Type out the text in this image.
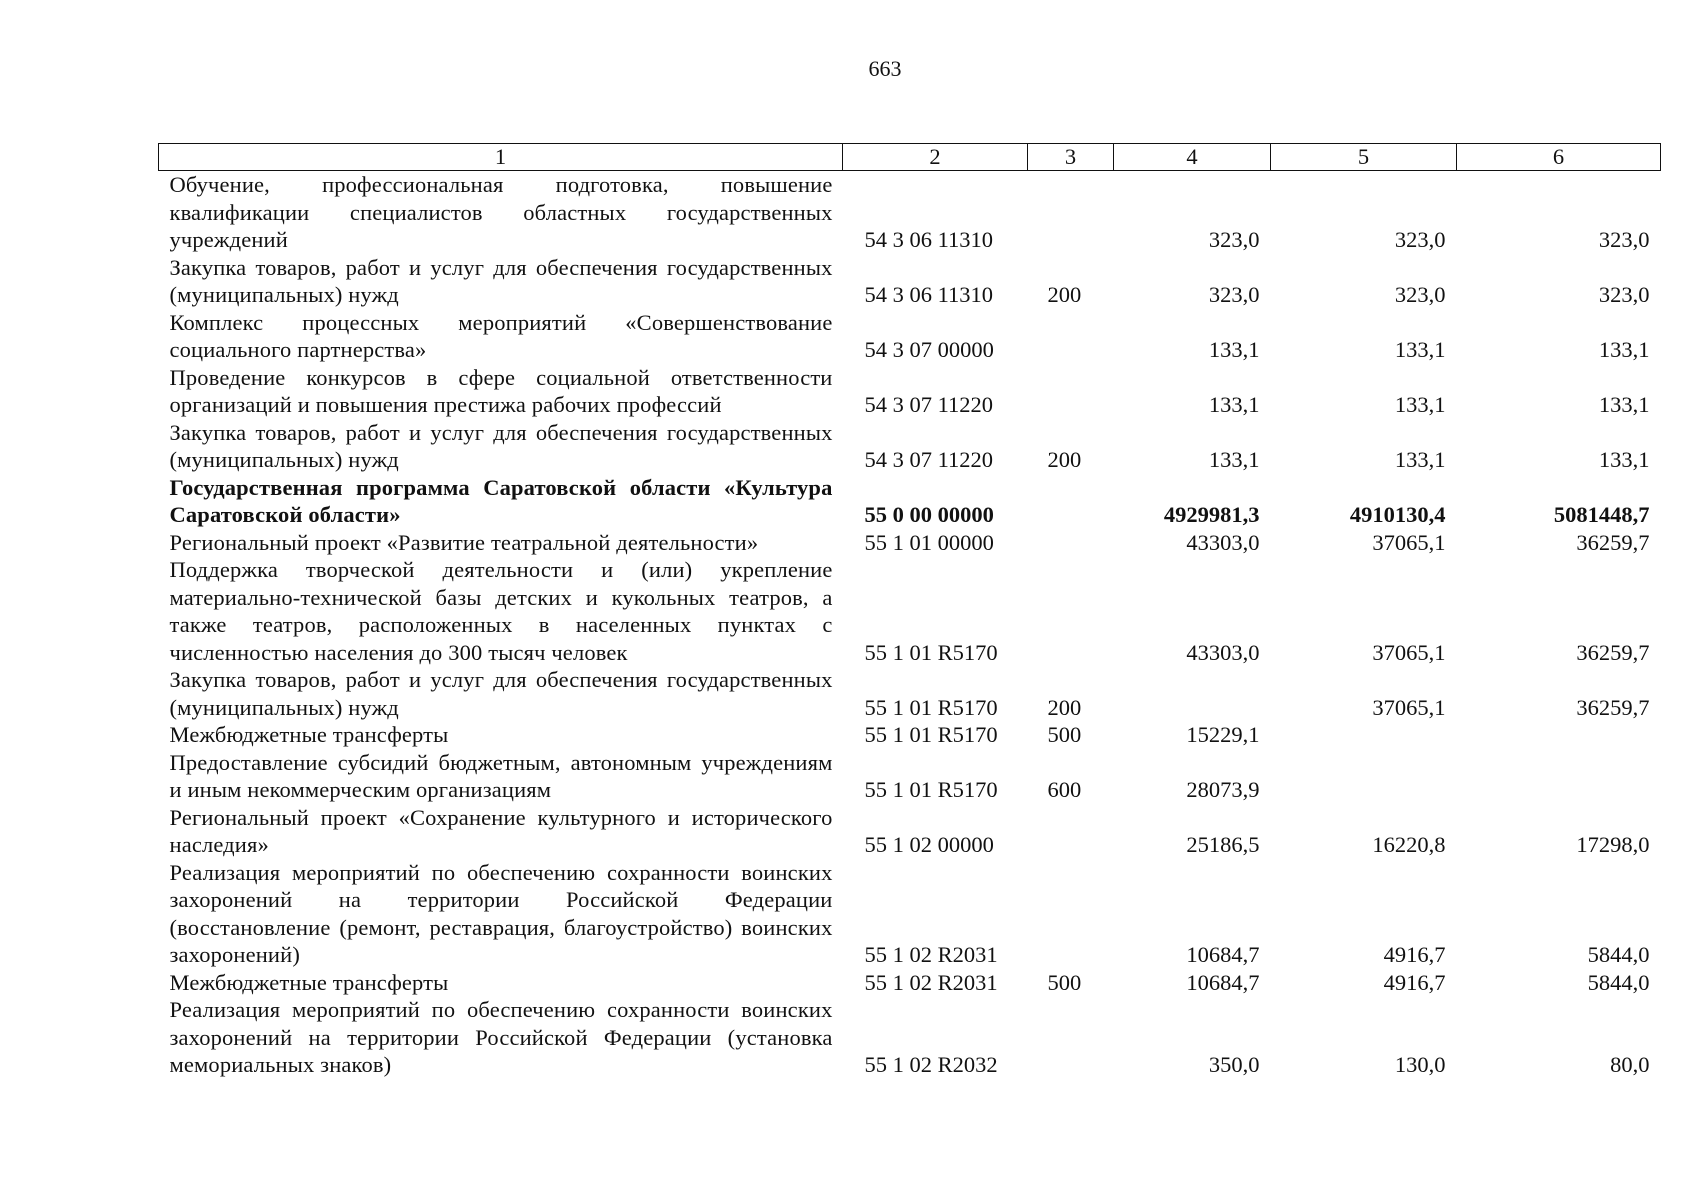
663
1	2	3	4	5	6
Обучение, профессиональная подготовка, повышение квалификации специалистов областных государственных учреждений	54 3 06 11310		323,0	323,0	323,0
Закупка товаров, работ и услуг для обеспечения государственных (муниципальных) нужд	54 3 06 11310	200	323,0	323,0	323,0
Комплекс процессных мероприятий «Совершенствование социального партнерства»	54 3 07 00000		133,1	133,1	133,1
Проведение конкурсов в сфере социальной ответственности организаций и повышения престижа рабочих профессий	54 3 07 11220		133,1	133,1	133,1
Закупка товаров, работ и услуг для обеспечения государственных (муниципальных) нужд	54 3 07 11220	200	133,1	133,1	133,1
Государственная программа Саратовской области «Культура Саратовской области»	55 0 00 00000		4929981,3	4910130,4	5081448,7
Региональный проект «Развитие театральной деятельности»	55 1 01 00000		43303,0	37065,1	36259,7
Поддержка творческой деятельности и (или) укрепление материально-технической базы детских и кукольных театров, а также театров, расположенных в населенных пунктах с численностью населения до 300 тысяч человек	55 1 01 R5170		43303,0	37065,1	36259,7
Закупка товаров, работ и услуг для обеспечения государственных (муниципальных) нужд	55 1 01 R5170	200		37065,1	36259,7
Межбюджетные трансферты	55 1 01 R5170	500	15229,1		
Предоставление субсидий бюджетным, автономным учреждениям и иным некоммерческим организациям	55 1 01 R5170	600	28073,9		
Региональный проект «Сохранение культурного и исторического наследия»	55 1 02 00000		25186,5	16220,8	17298,0
Реализация мероприятий по обеспечению сохранности воинских захоронений на территории Российской Федерации (восстановление (ремонт, реставрация, благоустройство) воинских захоронений)	55 1 02 R2031		10684,7	4916,7	5844,0
Межбюджетные трансферты	55 1 02 R2031	500	10684,7	4916,7	5844,0
Реализация мероприятий по обеспечению сохранности воинских захоронений на территории Российской Федерации (установка мемориальных знаков)	55 1 02 R2032		350,0	130,0	80,0
